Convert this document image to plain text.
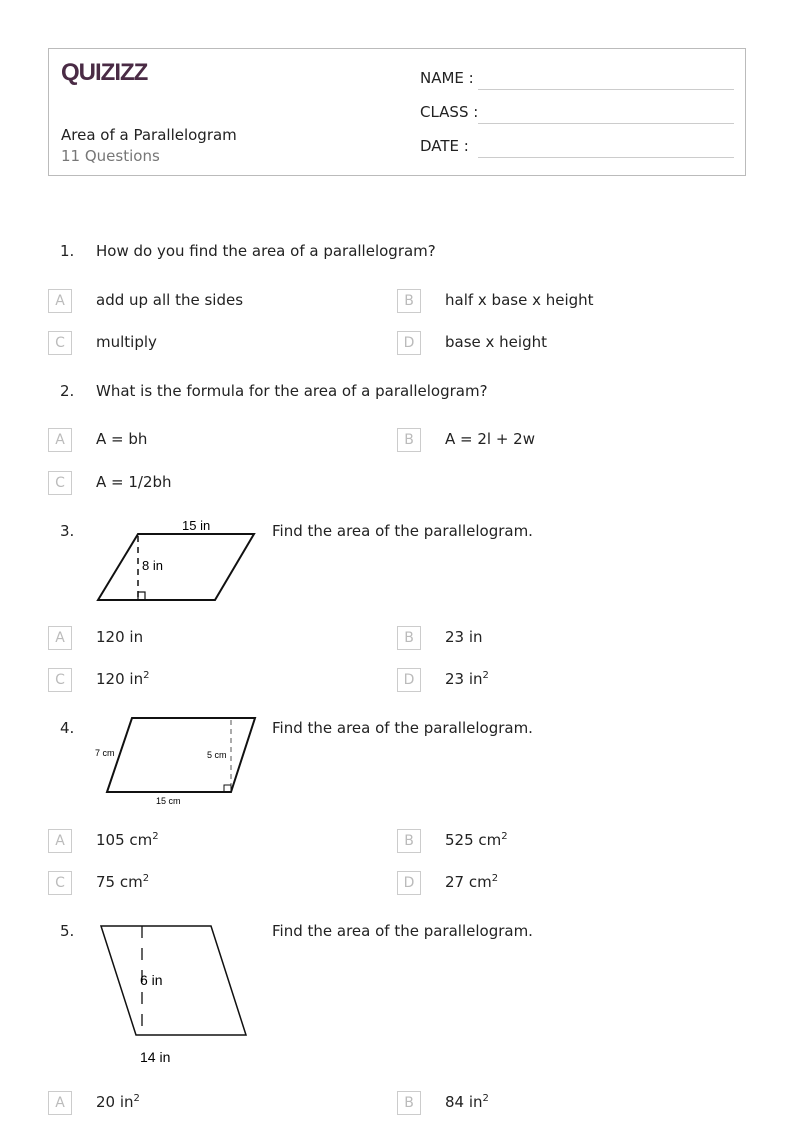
QUIZIZZ
Area of a Parallelogram
11 Questions
NAME :
CLASS :
DATE :
1. How do you find the area of a parallelogram?
A	add up all the sides	B	half x base x height
C	multiply	D	base x height
2. What is the formula for the area of a parallelogram?
A	A = bh	B	A = 2l + 2w
C	A = 1/2bh
3.	15 in
8 in
Find the area of the parallelogram.
A	120 in	B	23 in
C	120 $in^2$	D	23 $in^2$
4.
7 cm	5 cm
15 cm
Find the area of the parallelogram.
A	105 $cm^2$	B	525 $cm^2$
C	75 $cm^2$	D	27 $cm^2$
5.
6 in
14 in
Find the area of the parallelogram.
A	20 $in^2$	B	84 $in^2$
